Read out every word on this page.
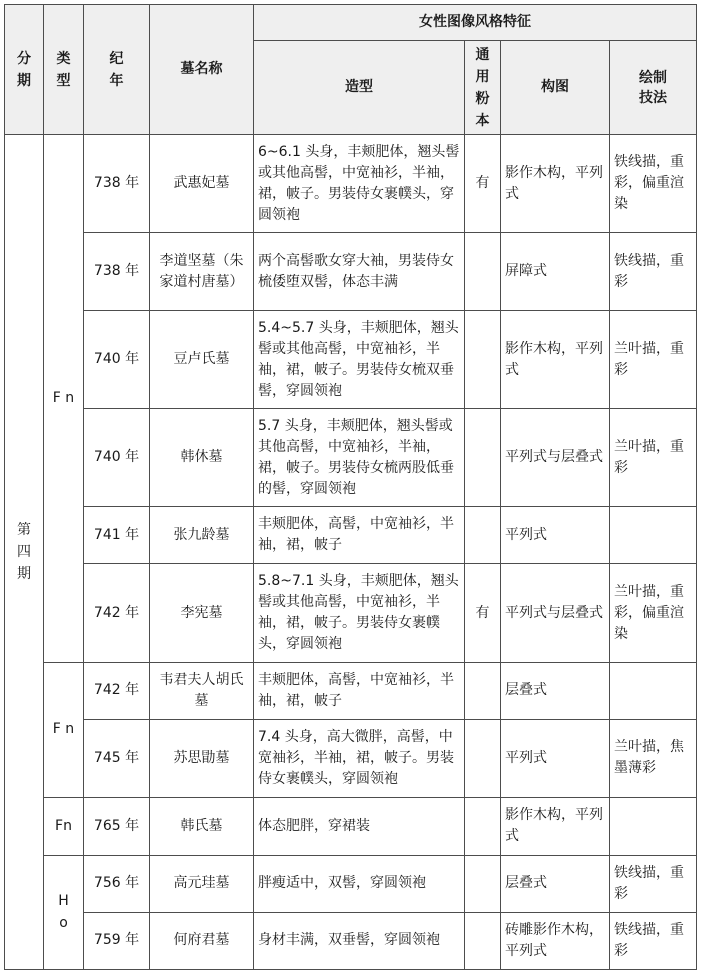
分期	类型	纪年	墓名称	女性图像风格特征			
				造型	通用粉本	构图	绘制技法

第四期	F n	738 年	武惠妃墓	6~6.1 头身，丰颊肥体，翘头髻或其他高髻，中宽袖衫，半袖，裙，帔子。男装侍女裹幞头，穿圆领袍	有	影作木构，平列式	铁线描，重彩，偏重渲染
		738 年	李道坚墓（朱家道村唐墓）	两个高髻歌女穿大袖，男装侍女梳倭堕双髻，体态丰满		屏障式	铁线描，重彩
		740 年	豆卢氏墓	5.4~5.7 头身，丰颊肥体，翘头髻或其他高髻，中宽袖衫，半袖，裙，帔子。男装侍女梳双垂髻，穿圆领袍		影作木构，平列式	兰叶描，重彩
		740 年	韩休墓	5.7 头身，丰颊肥体，翘头髻或其他高髻，中宽袖衫，半袖，裙，帔子。男装侍女梳两股低垂的髻，穿圆领袍		平列式与层叠式	兰叶描，重彩
		741 年	张九龄墓	丰颊肥体，高髻，中宽袖衫，半袖，裙，帔子		平列式	
		742 年	李宪墓	5.8~7.1 头身，丰颊肥体，翘头髻或其他高髻，中宽袖衫，半袖，裙，帔子。男装侍女裹幞头，穿圆领袍	有	平列式与层叠式	兰叶描，重彩，偏重渲染
	F n	742 年	韦君夫人胡氏墓	丰颊肥体，高髻，中宽袖衫，半袖，裙，帔子		层叠式	
		745 年	苏思勖墓	7.4 头身，高大微胖，高髻，中宽袖衫，半袖，裙，帔子。男装侍女裹幞头，穿圆领袍		平列式	兰叶描，焦墨薄彩
	Fn	765 年	韩氏墓	体态肥胖，穿裙装		影作木构，平列式	

	H o	756 年	高元珪墓	胖瘦适中，双髻，穿圆领袍		层叠式	铁线描，重彩
		759 年	何府君墓	身材丰满，双垂髻，穿圆领袍		砖雕影作木构，平列式	铁线描，重彩
